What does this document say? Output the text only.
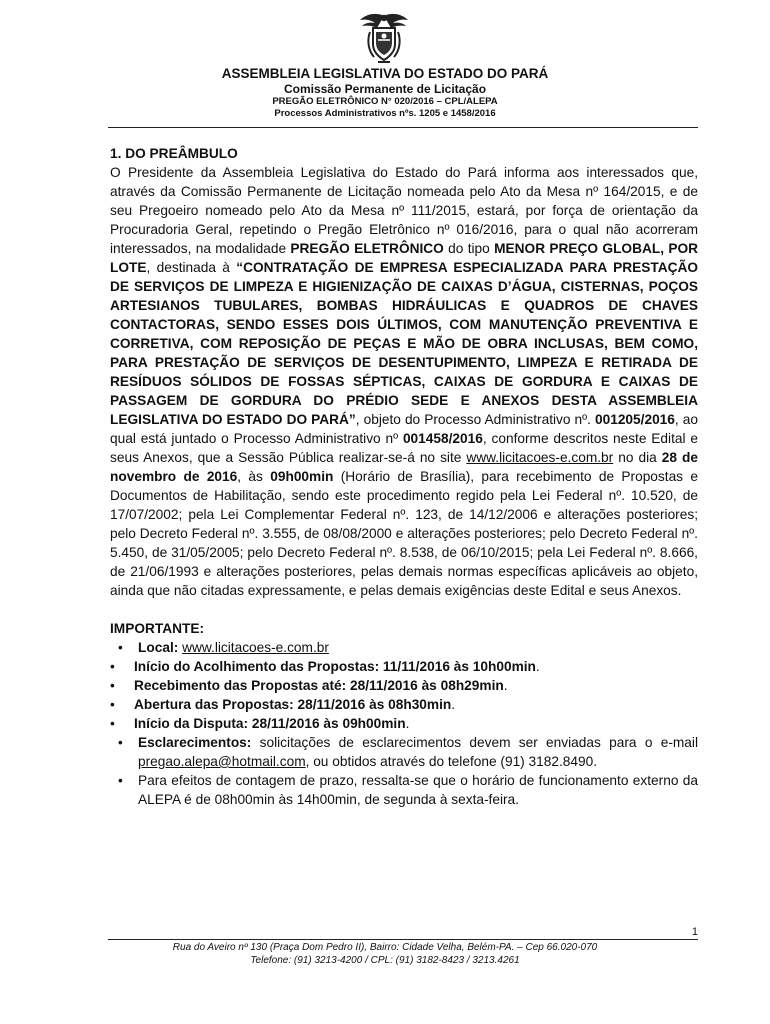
ASSEMBLEIA LEGISLATIVA DO ESTADO DO PARÁ
Comissão Permanente de Licitação
PREGÃO ELETRÔNICO N° 020/2016 – CPL/ALEPA
Processos Administrativos nºs. 1205 e 1458/2016

1. DO PREÂMBULO

O Presidente da Assembleia Legislativa do Estado do Pará informa aos interessados que, através da Comissão Permanente de Licitação nomeada pelo Ato da Mesa nº 164/2015, e de seu Pregoeiro nomeado pelo Ato da Mesa nº 111/2015, estará, por força de orientação da Procuradoria Geral, repetindo o Pregão Eletrônico nº 016/2016, para o qual não acorreram interessados, na modalidade PREGÃO ELETRÔNICO do tipo MENOR PREÇO GLOBAL, POR LOTE, destinada à “CONTRATAÇÃO DE EMPRESA ESPECIALIZADA PARA PRESTAÇÃO DE SERVIÇOS DE LIMPEZA E HIGIENIZAÇÃO DE CAIXAS D’ÁGUA, CISTERNAS, POÇOS ARTESIANOS TUBULARES, BOMBAS HIDRÁULICAS E QUADROS DE CHAVES CONTACTORAS, SENDO ESSES DOIS ÚLTIMOS, COM MANUTENÇÃO PREVENTIVA E CORRETIVA, COM REPOSIÇÃO DE PEÇAS E MÃO DE OBRA INCLUSAS, BEM COMO, PARA PRESTAÇÃO DE SERVIÇOS DE DESENTUPIMENTO, LIMPEZA E RETIRADA DE RESÍDUOS SÓLIDOS DE FOSSAS SÉPTICAS, CAIXAS DE GORDURA E CAIXAS DE PASSAGEM DE GORDURA DO PRÉDIO SEDE E ANEXOS DESTA ASSEMBLEIA LEGISLATIVA DO ESTADO DO PARÁ”, objeto do Processo Administrativo nº. 001205/2016, ao qual está juntado o Processo Administrativo nº 001458/2016, conforme descritos neste Edital e seus Anexos, que a Sessão Pública realizar-se-á no site www.licitacoes-e.com.br no dia 28 de novembro de 2016, às 09h00min (Horário de Brasília), para recebimento de Propostas e Documentos de Habilitação, sendo este procedimento regido pela Lei Federal nº. 10.520, de 17/07/2002; pela Lei Complementar Federal nº. 123, de 14/12/2006 e alterações posteriores; pelo Decreto Federal nº. 3.555, de 08/08/2000 e alterações posteriores; pelo Decreto Federal nº. 5.450, de 31/05/2005; pelo Decreto Federal nº. 8.538, de 06/10/2015; pela Lei Federal nº. 8.666, de 21/06/1993 e alterações posteriores, pelas demais normas específicas aplicáveis ao objeto, ainda que não citadas expressamente, e pelas demais exigências deste Edital e seus Anexos.

IMPORTANTE:

•	Local: www.licitacoes-e.com.br
•	Início do Acolhimento das Propostas: 11/11/2016 às 10h00min.
•	Recebimento das Propostas até: 28/11/2016 às 08h29min.
•	Abertura das Propostas: 28/11/2016 às 08h30min.
•	Início da Disputa: 28/11/2016 às 09h00min.
•	Esclarecimentos: solicitações de esclarecimentos devem ser enviadas para o e-mail pregao.alepa@hotmail.com, ou obtidos através do telefone (91) 3182.8490.
•	Para efeitos de contagem de prazo, ressalta-se que o horário de funcionamento externo da ALEPA é de 08h00min às 14h00min, de segunda à sexta-feira.
1
Rua do Aveiro nº 130 (Praça Dom Pedro II), Bairro: Cidade Velha, Belém-PA. – Cep 66.020-070
Telefone: (91) 3213-4200 / CPL: (91) 3182-8423 / 3213.4261
